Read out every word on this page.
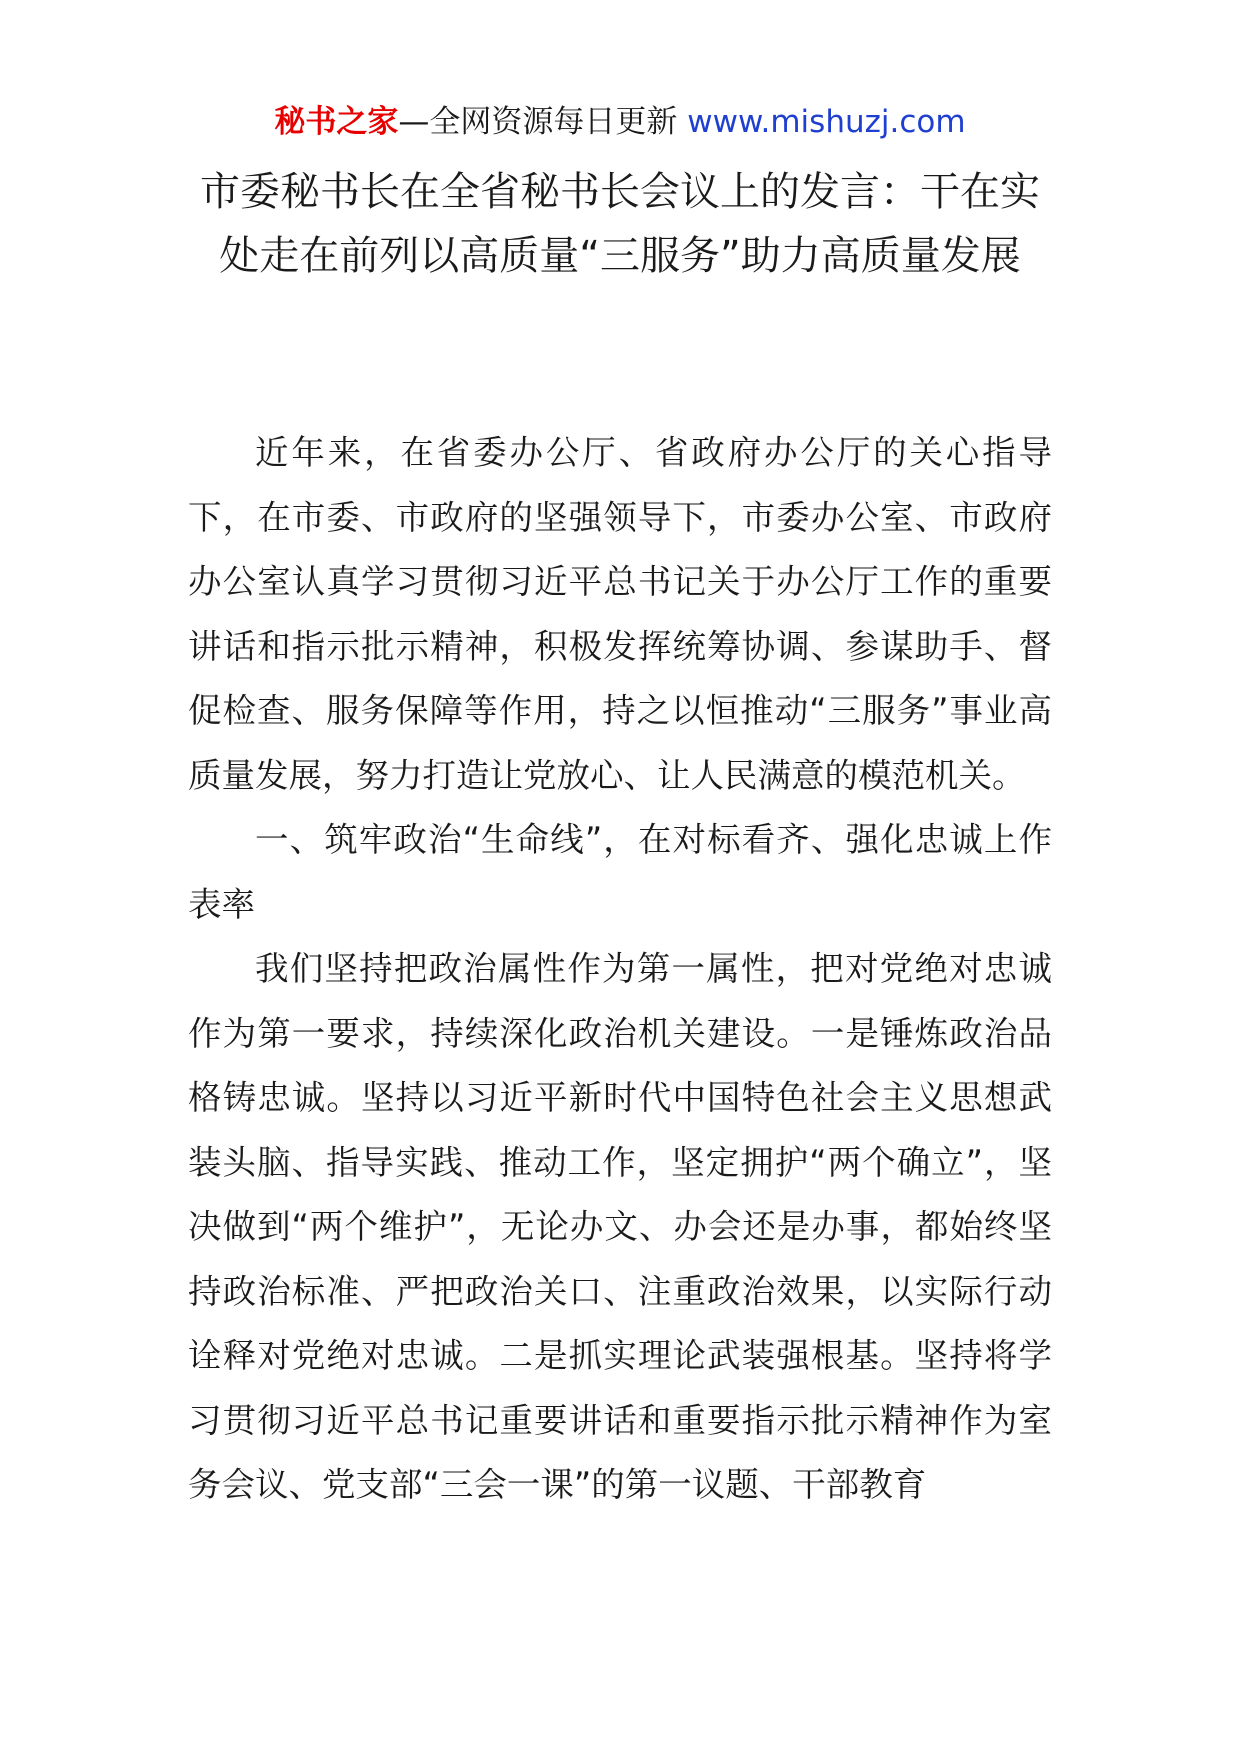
秘书之家—全网资源每日更新 www.mishuzj.com
市委秘书长在全省秘书长会议上的发言：干在实处走在前列以高质量“三服务”助力高质量发展

近年来，在省委办公厅、省政府办公厅的关心指导下，在市委、市政府的坚强领导下，市委办公室、市政府办公室认真学习贯彻习近平总书记关于办公厅工作的重要讲话和指示批示精神，积极发挥统筹协调、参谋助手、督促检查、服务保障等作用，持之以恒推动“三服务”事业高质量发展，努力打造让党放心、让人民满意的模范机关。

一、筑牢政治“生命线”，在对标看齐、强化忠诚上作表率

我们坚持把政治属性作为第一属性，把对党绝对忠诚作为第一要求，持续深化政治机关建设。一是锤炼政治品格铸忠诚。坚持以习近平新时代中国特色社会主义思想武装头脑、指导实践、推动工作，坚定拥护“两个确立”，坚决做到“两个维护”，无论办文、办会还是办事，都始终坚持政治标准、严把政治关口、注重政治效果，以实际行动诠释对党绝对忠诚。二是抓实理论武装强根基。坚持将学习贯彻习近平总书记重要讲话和重要指示批示精神作为室务会议、党支部“三会一课”的第一议题、干部教育
